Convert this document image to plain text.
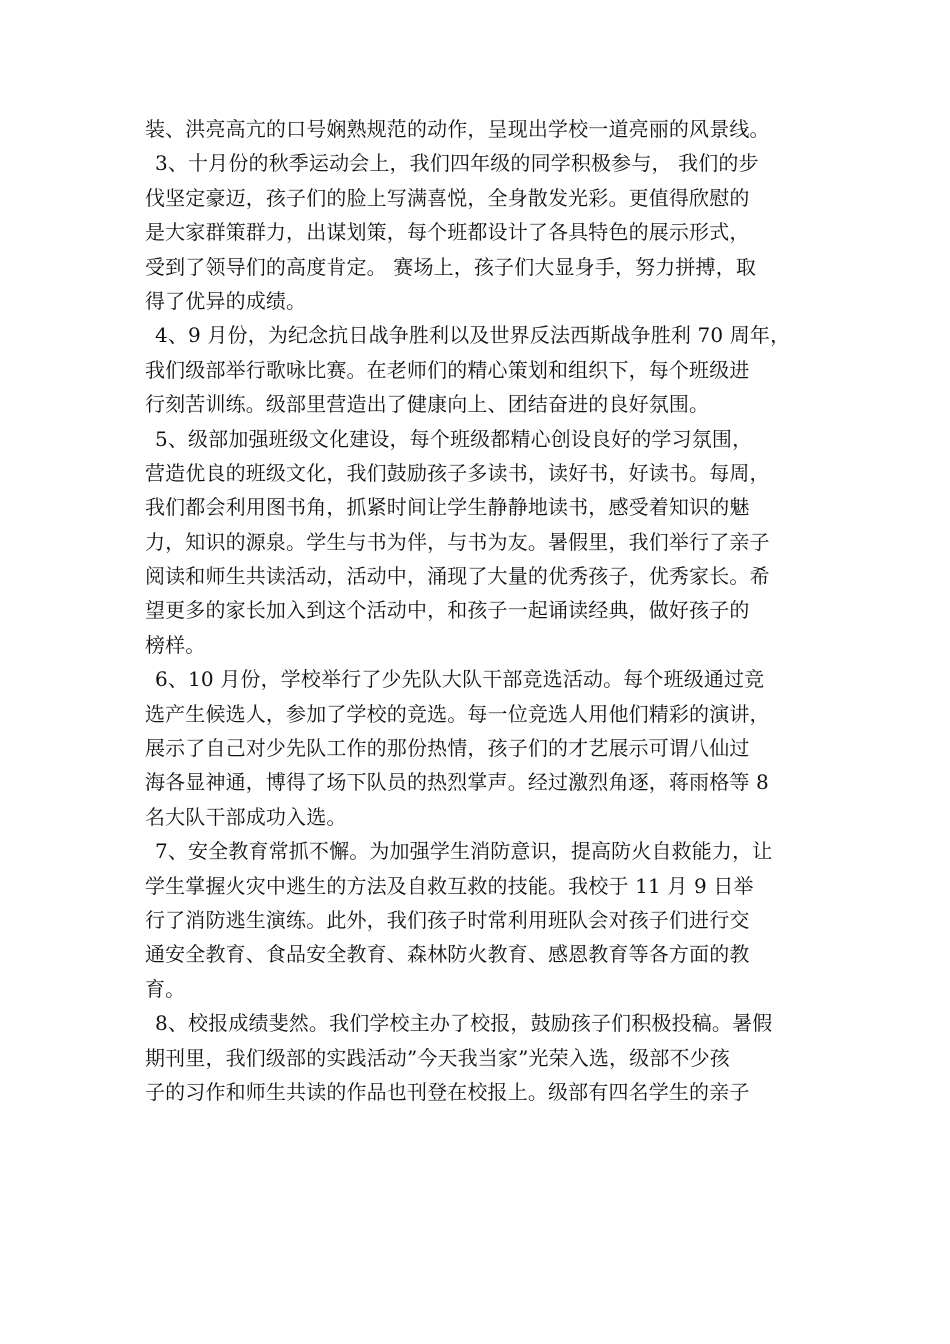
装、洪亮高亢的口号娴熟规范的动作，呈现出学校一道亮丽的风景线。
3、十月份的秋季运动会上，我们四年级的同学积极参与， 我们的步
伐坚定豪迈，孩子们的脸上写满喜悦，全身散发光彩。更值得欣慰的
是大家群策群力，出谋划策，每个班都设计了各具特色的展示形式，
受到了领导们的高度肯定。 赛场上，孩子们大显身手，努力拼搏，取
得了优异的成绩。
4、9 月份，为纪念抗日战争胜利以及世界反法西斯战争胜利 70 周年，
我们级部举行歌咏比赛。在老师们的精心策划和组织下，每个班级进
行刻苦训练。级部里营造出了健康向上、团结奋进的良好氛围。
5、级部加强班级文化建设，每个班级都精心创设良好的学习氛围，
营造优良的班级文化，我们鼓励孩子多读书，读好书，好读书。每周，
我们都会利用图书角，抓紧时间让学生静静地读书，感受着知识的魅
力，知识的源泉。学生与书为伴，与书为友。暑假里，我们举行了亲子
阅读和师生共读活动，活动中，涌现了大量的优秀孩子，优秀家长。希
望更多的家长加入到这个活动中，和孩子一起诵读经典，做好孩子的
榜样。
6、10 月份，学校举行了少先队大队干部竞选活动。每个班级通过竞
选产生候选人，参加了学校的竞选。每一位竞选人用他们精彩的演讲，
展示了自己对少先队工作的那份热情，孩子们的才艺展示可谓八仙过
海各显神通，博得了场下队员的热烈掌声。经过激烈角逐，蒋雨格等 8
名大队干部成功入选。
7、安全教育常抓不懈。为加强学生消防意识，提高防火自救能力，让
学生掌握火灾中逃生的方法及自救互救的技能。我校于 11 月 9 日举
行了消防逃生演练。此外，我们孩子时常利用班队会对孩子们进行交
通安全教育、食品安全教育、森林防火教育、感恩教育等各方面的教
育。
8、校报成绩斐然。我们学校主办了校报，鼓励孩子们积极投稿。暑假
期刊里，我们级部的实践活动”今天我当家”光荣入选，级部不少孩
子的习作和师生共读的作品也刊登在校报上。级部有四名学生的亲子
